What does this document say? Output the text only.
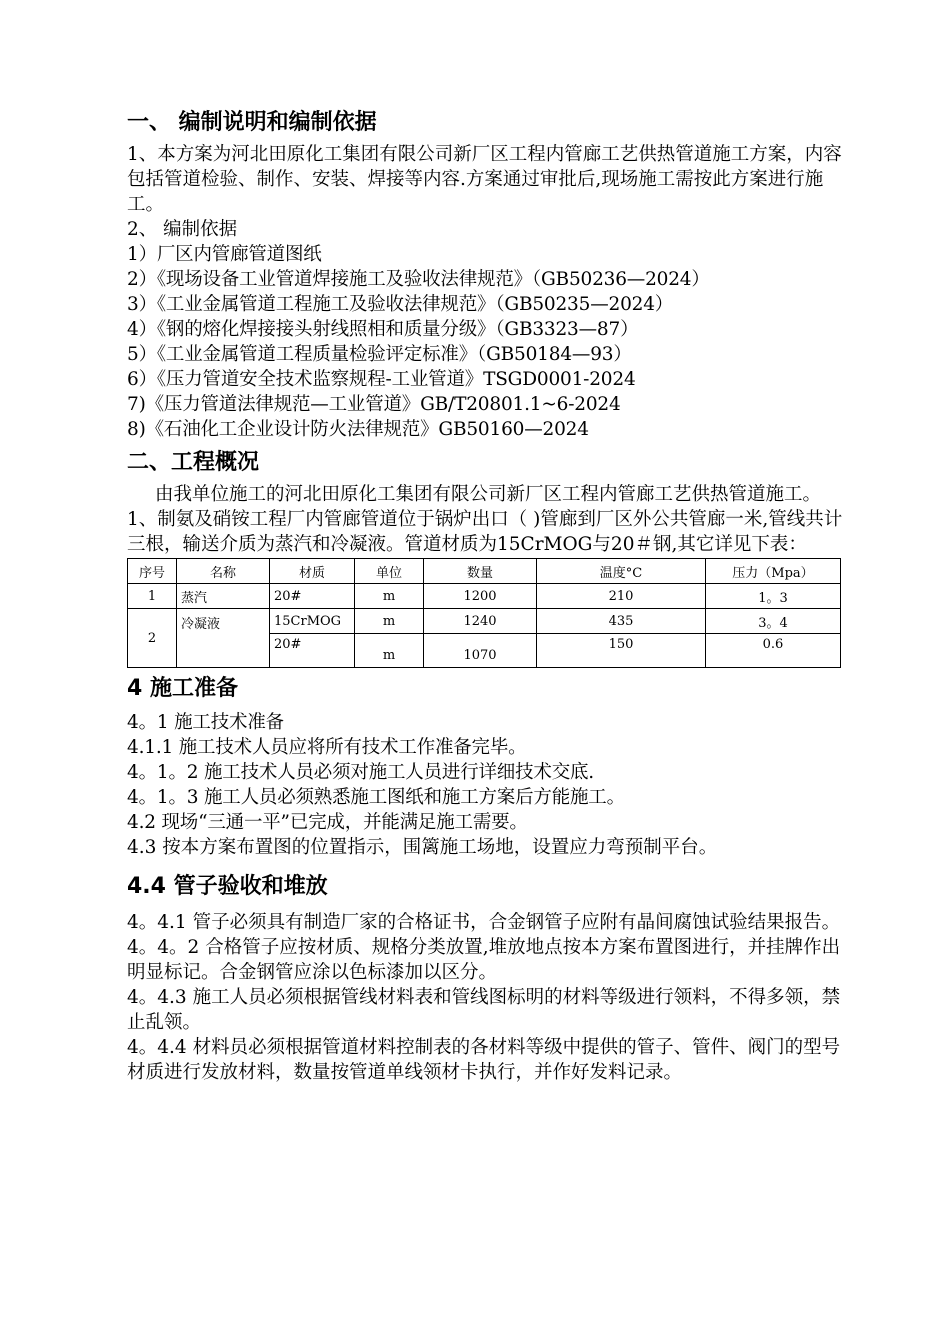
一、 编制说明和编制依据

1、本方案为河北田原化工集团有限公司新厂区工程内管廊工艺供热管道施工方案，内容包括管道检验、制作、安装、焊接等内容.方案通过审批后,现场施工需按此方案进行施工。

2、 编制依据

1）厂区内管廊管道图纸

2）《现场设备工业管道焊接施工及验收法律规范》（GB50236—2024）

3）《工业金属管道工程施工及验收法律规范》（GB50235—2024）

4）《钢的熔化焊接接头射线照相和质量分级》（GB3323—87）

5）《工业金属管道工程质量检验评定标准》（GB50184—93）

6）《压力管道安全技术监察规程-工业管道》TSGD0001-2024

7)《压力管道法律规范—工业管道》GB/T20801.1~6-2024

8)《石油化工企业设计防火法律规范》GB50160—2024

二、工程概况

由我单位施工的河北田原化工集团有限公司新厂区工程内管廊工艺供热管道施工。

1、制氨及硝铵工程厂内管廊管道位于锅炉出口（ )管廊到厂区外公共管廊一米,管线共计三根，输送介质为蒸汽和冷凝液。管道材质为15CrMOG与20＃钢,其它详见下表：

序号	名称	材质	单位	数量	温度°C	压力（Mpa）
1	蒸汽	20#	m	1200	210	1。3
2	冷凝液	15CrMOG	m	1240	435	3。4
		20#	m	1070	150	0.6
4 施工准备

4。1 施工技术准备

4.1.1 施工技术人员应将所有技术工作准备完毕。

4。1。2 施工技术人员必须对施工人员进行详细技术交底.

4。1。3 施工人员必须熟悉施工图纸和施工方案后方能施工。

4.2 现场“三通一平”已完成，并能满足施工需要。

4.3 按本方案布置图的位置指示，围篱施工场地，设置应力弯预制平台。

4.4 管子验收和堆放

4。4.1 管子必须具有制造厂家的合格证书，合金钢管子应附有晶间腐蚀试验结果报告。

4。4。2 合格管子应按材质、规格分类放置,堆放地点按本方案布置图进行，并挂牌作出明显标记。合金钢管应涂以色标漆加以区分。

4。4.3 施工人员必须根据管线材料表和管线图标明的材料等级进行领料，不得多领，禁止乱领。

4。4.4 材料员必须根据管道材料控制表的各材料等级中提供的管子、管件、阀门的型号材质进行发放材料，数量按管道单线领材卡执行，并作好发料记录。
